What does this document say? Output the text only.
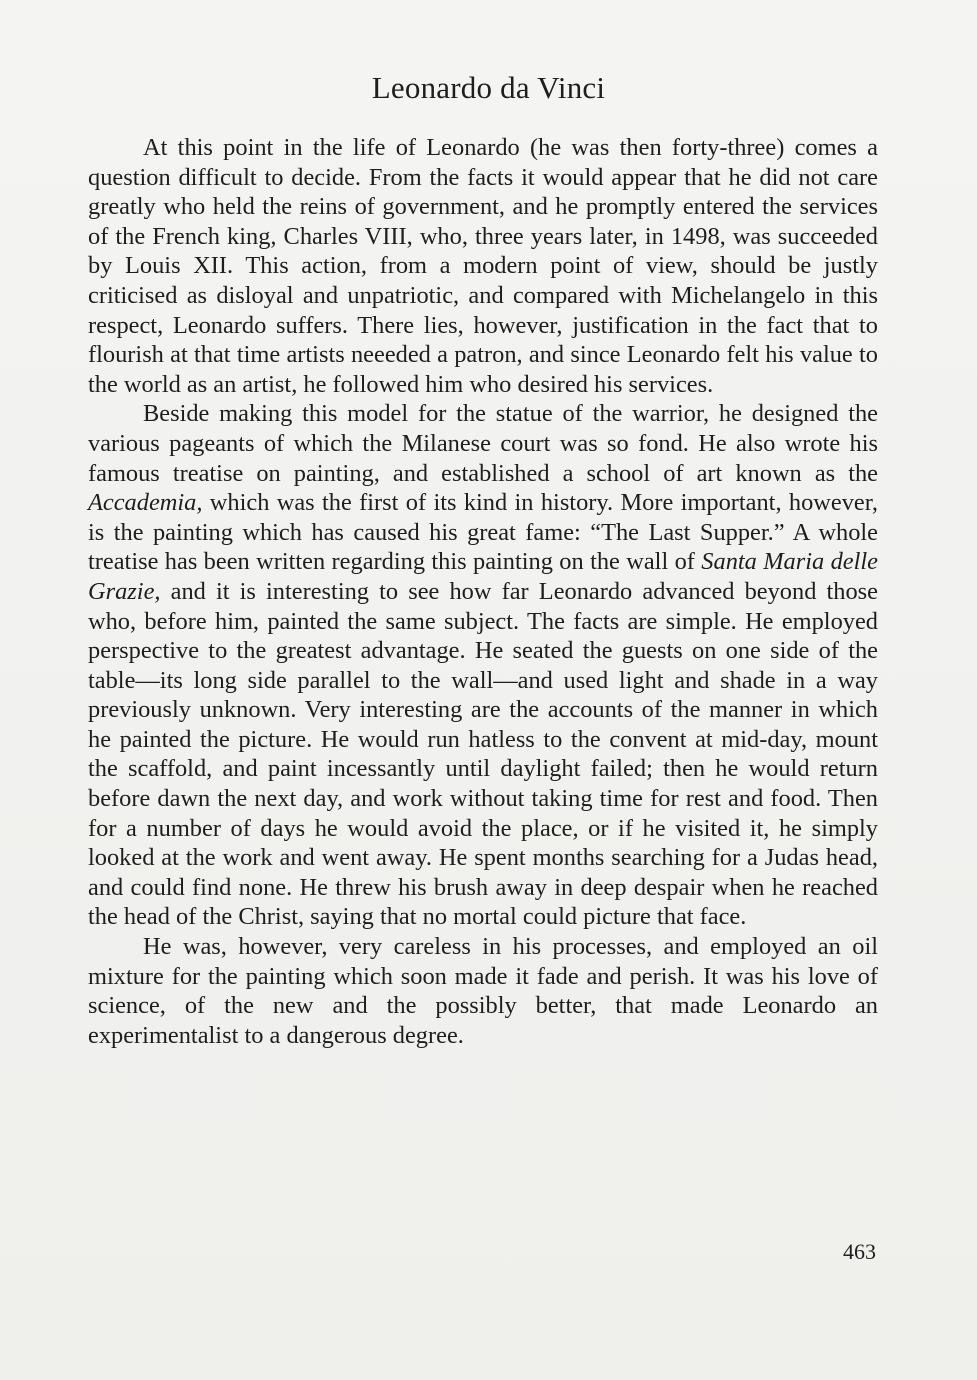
Leonardo da Vinci

At this point in the life of Leonardo (he was then forty-three) comes a question difficult to decide. From the facts it would appear that he did not care greatly who held the reins of government, and he promptly entered the services of the French king, Charles VIII, who, three years later, in 1498, was succeeded by Louis XII. This action, from a modern point of view, should be justly criticised as disloyal and unpatriotic, and compared with Michelangelo in this respect, Leonardo suffers. There lies, however, justification in the fact that to flourish at that time artists neeeded a patron, and since Leonardo felt his value to the world as an artist, he followed him who desired his services.

Beside making this model for the statue of the warrior, he designed the various pageants of which the Milanese court was so fond. He also wrote his famous treatise on painting, and established a school of art known as the Accademia, which was the first of its kind in history. More important, however, is the painting which has caused his great fame: “The Last Supper.” A whole treatise has been written regarding this painting on the wall of Santa Maria delle Grazie, and it is interesting to see how far Leonardo advanced beyond those who, before him, painted the same subject. The facts are simple. He employed perspective to the greatest advantage. He seated the guests on one side of the table—its long side parallel to the wall—and used light and shade in a way previously unknown. Very interesting are the accounts of the manner in which he painted the picture. He would run hatless to the convent at mid-day, mount the scaffold, and paint incessantly until daylight failed; then he would return before dawn the next day, and work without taking time for rest and food. Then for a number of days he would avoid the place, or if he visited it, he simply looked at the work and went away. He spent months searching for a Judas head, and could find none. He threw his brush away in deep despair when he reached the head of the Christ, saying that no mortal could picture that face.

He was, however, very careless in his processes, and employed an oil mixture for the painting which soon made it fade and perish. It was his love of science, of the new and the possibly better, that made Leonardo an experimentalist to a dangerous degree.

463
